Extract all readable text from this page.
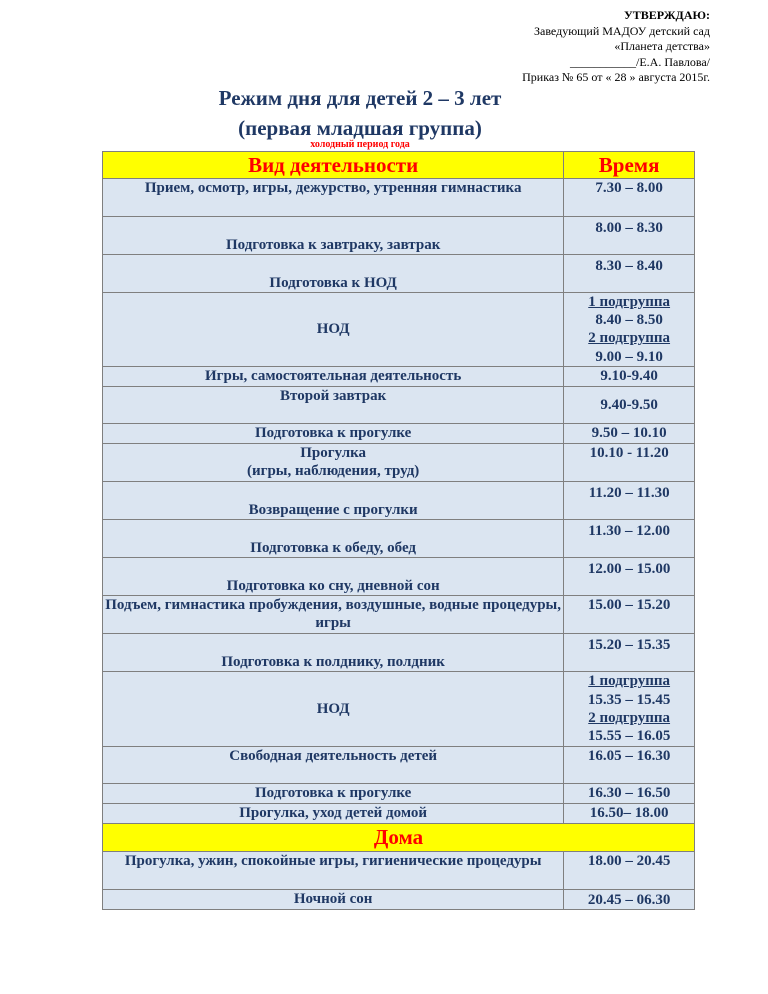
УТВЕРЖДАЮ:
Заведующий МАДОУ детский сад
«Планета детства»
___________/Е.А. Павлова/
Приказ № 65 от « 28 » августа 2015г.
Режим дня для детей 2 – 3 лет
(первая младшая группа)
холодный период года
Вид деятельности	Время
Прием, осмотр, игры, дежурство, утренняя гимнастика	7.30 – 8.00
Подготовка к завтраку, завтрак	8.00 – 8.30
Подготовка к НОД	8.30 – 8.40
НОД	1 подгруппа
8.40 – 8.50
2 подгруппа
9.00 – 9.10

Игры, самостоятельная деятельность	9.10-9.40
Второй завтрак	9.40-9.50
Подготовка к прогулке	9.50 – 10.10

Прогулка
(игры, наблюдения, труд)	10.10 - 11.20
Возвращение с прогулки	11.20 – 11.30
Подготовка к обеду, обед	11.30 – 12.00
Подготовка ко сну, дневной сон	12.00 – 15.00
Подъем, гимнастика пробуждения, воздушные, водные процедуры, игры	15.00 – 15.20
Подготовка к полднику, полдник	15.20 – 15.35
НОД	1 подгруппа
15.35 – 15.45
2 подгруппа
15.55 – 16.05

Свободная деятельность детей	16.05 – 16.30
Подготовка к прогулке	16.30 – 16.50
Прогулка, уход детей домой	16.50– 18.00
Дома	
Прогулка, ужин, спокойные игры, гигиенические процедуры	18.00 – 20.45
Ночной сон	20.45 – 06.30
